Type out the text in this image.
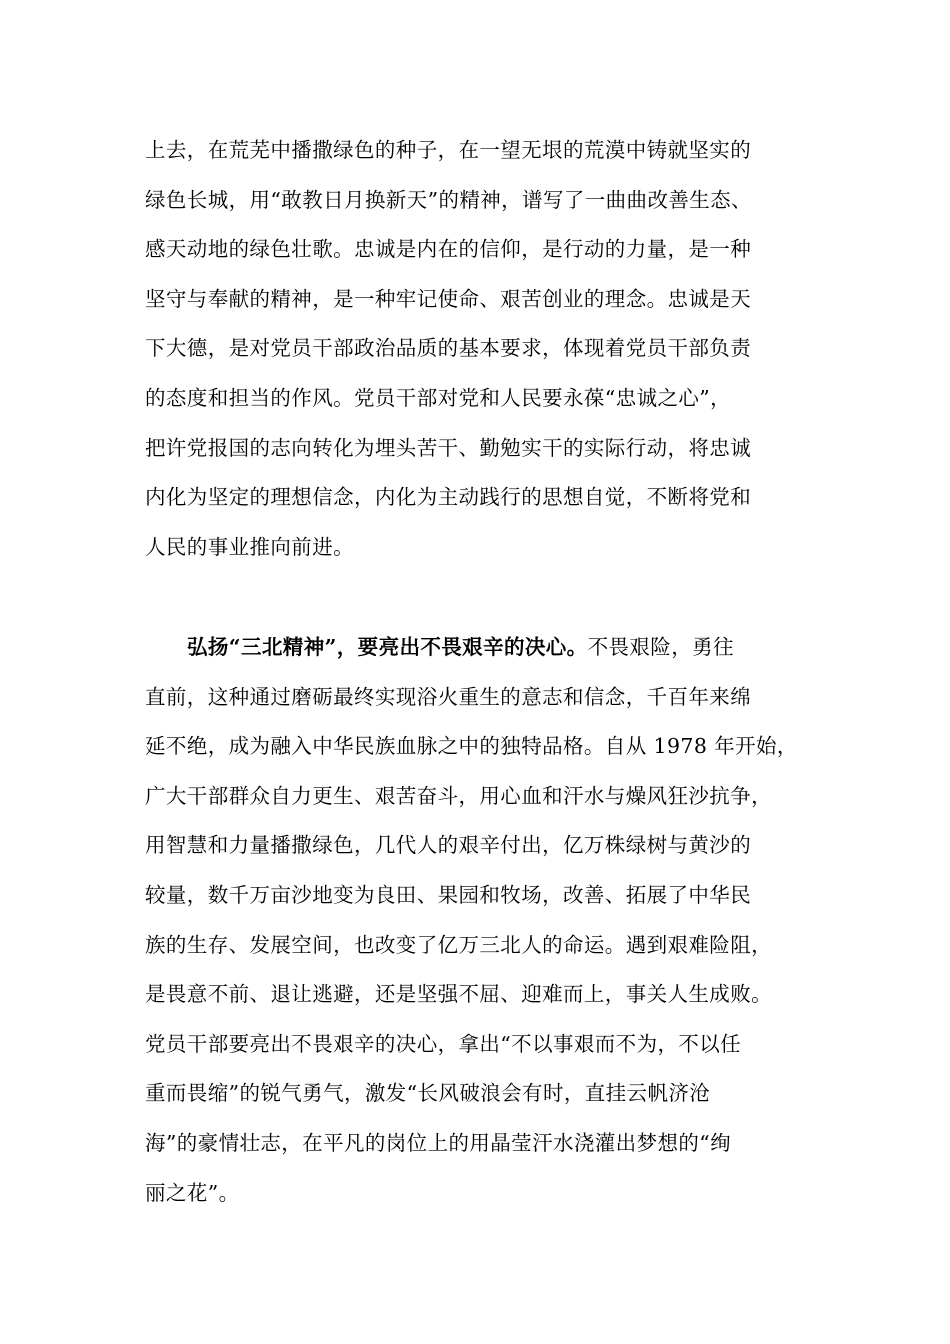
上去，在荒芜中播撒绿色的种子，在一望无垠的荒漠中铸就坚实的
绿色长城，用“敢教日月换新天”的精神，谱写了一曲曲改善生态、
感天动地的绿色壮歌。忠诚是内在的信仰，是行动的力量，是一种
坚守与奉献的精神，是一种牢记使命、艰苦创业的理念。忠诚是天
下大德，是对党员干部政治品质的基本要求，体现着党员干部负责
的态度和担当的作风。党员干部对党和人民要永葆“忠诚之心”，
把许党报国的志向转化为埋头苦干、勤勉实干的实际行动，将忠诚
内化为坚定的理想信念，内化为主动践行的思想自觉，不断将党和
人民的事业推向前进。
弘扬“三北精神”，要亮出不畏艰辛的决心。不畏艰险，勇往
直前，这种通过磨砺最终实现浴火重生的意志和信念，千百年来绵
延不绝，成为融入中华民族血脉之中的独特品格。自从 1978 年开始，
广大干部群众自力更生、艰苦奋斗，用心血和汗水与燥风狂沙抗争，
用智慧和力量播撒绿色，几代人的艰辛付出，亿万株绿树与黄沙的
较量，数千万亩沙地变为良田、果园和牧场，改善、拓展了中华民
族的生存、发展空间，也改变了亿万三北人的命运。遇到艰难险阻，
是畏意不前、退让逃避，还是坚强不屈、迎难而上，事关人生成败。
党员干部要亮出不畏艰辛的决心，拿出“不以事艰而不为，不以任
重而畏缩”的锐气勇气，激发“长风破浪会有时，直挂云帆济沧
海”的豪情壮志，在平凡的岗位上的用晶莹汗水浇灌出梦想的“绚
丽之花”。
